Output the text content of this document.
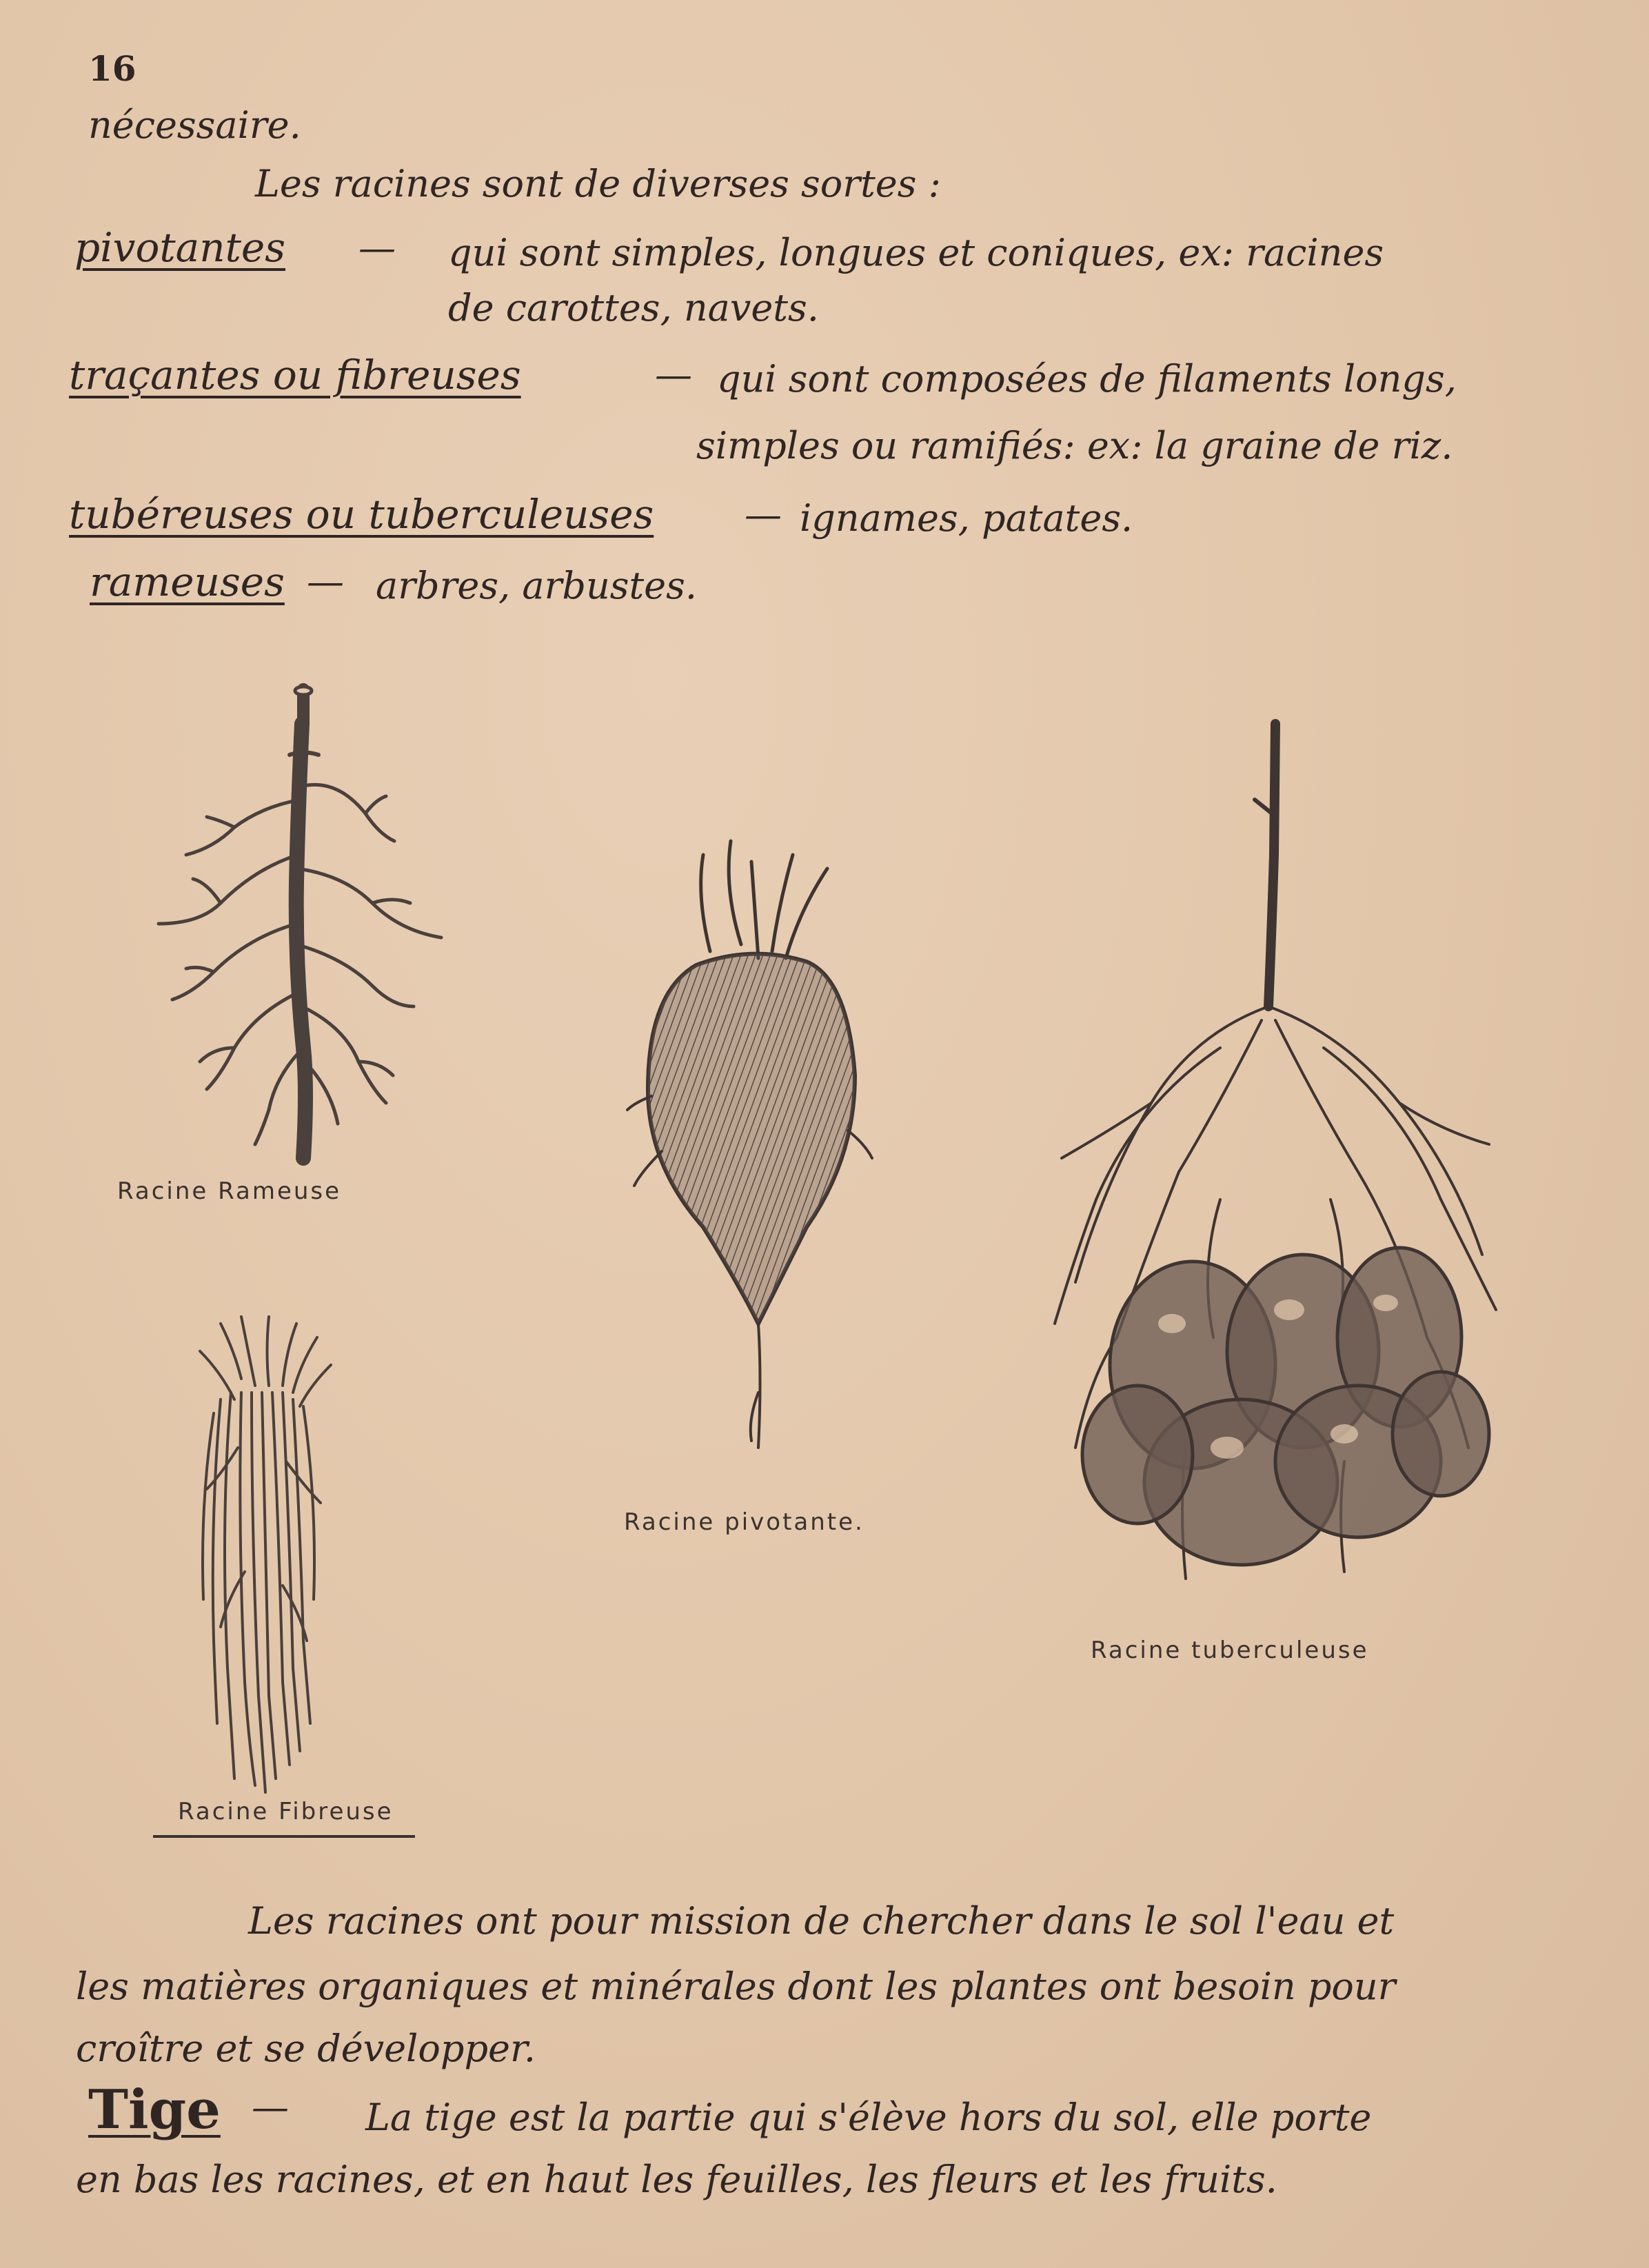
16
nécessaire.
Les racines sont de diverses sortes :
pivotantes — qui sont simples, longues et coniques, ex: racines
de carottes, navets.
traçantes ou fibreuses	— qui sont composées de filaments longs,
simples ou ramifiés: ex: la graine de riz.
tubéreuses ou tuberculeuses — ignames, patates.
rameuses — arbres, arbustes.
Racine Rameuse
Racine Fibreuse
Racine pivotante.
Racine tuberculeuse
Les racines ont pour mission de chercher dans le sol l'eau et
les matières organiques et minérales dont les plantes ont besoin pour
croître et se développer.
Tige — La tige est la partie qui s'élève hors du sol, elle porte
en bas les racines, et en haut les feuilles, les fleurs et les fruits.
